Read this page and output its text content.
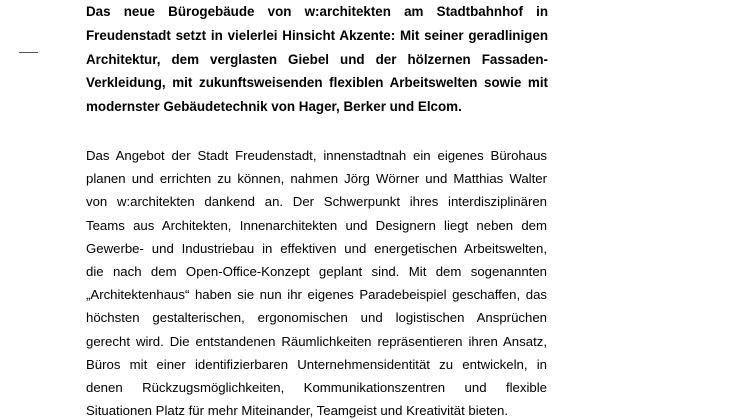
Das neue Bürogebäude von w:architekten am Stadtbahnhof in
Freudenstadt setzt in vielerlei Hinsicht Akzente: Mit seiner geradlinigen
Architektur, dem verglasten Giebel und der hölzernen Fassaden-
Verkleidung, mit zukunftsweisenden flexiblen Arbeitswelten sowie mit
modernster Gebäudetechnik von Hager, Berker und Elcom.

Das Angebot der Stadt Freudenstadt, innenstadtnah ein eigenes Bürohaus
planen und errichten zu können, nahmen Jörg Wörner und Matthias Walter
von w:architekten dankend an. Der Schwerpunkt ihres interdisziplinären
Teams aus Architekten, Innenarchitekten und Designern liegt neben dem
Gewerbe- und Industriebau in effektiven und energetischen Arbeitswelten,
die nach dem Open-Office-Konzept geplant sind. Mit dem sogenannten
„Architektenhaus“ haben sie nun ihr eigenes Paradebeispiel geschaffen, das
höchsten gestalterischen, ergonomischen und logistischen Ansprüchen
gerecht wird. Die entstandenen Räumlichkeiten repräsentieren ihren Ansatz,
Büros mit einer identifizierbaren Unternehmensidentität zu entwickeln, in
denen Rückzugsmöglichkeiten, Kommunikationszentren und flexible
Situationen Platz für mehr Miteinander, Teamgeist und Kreativität bieten.
